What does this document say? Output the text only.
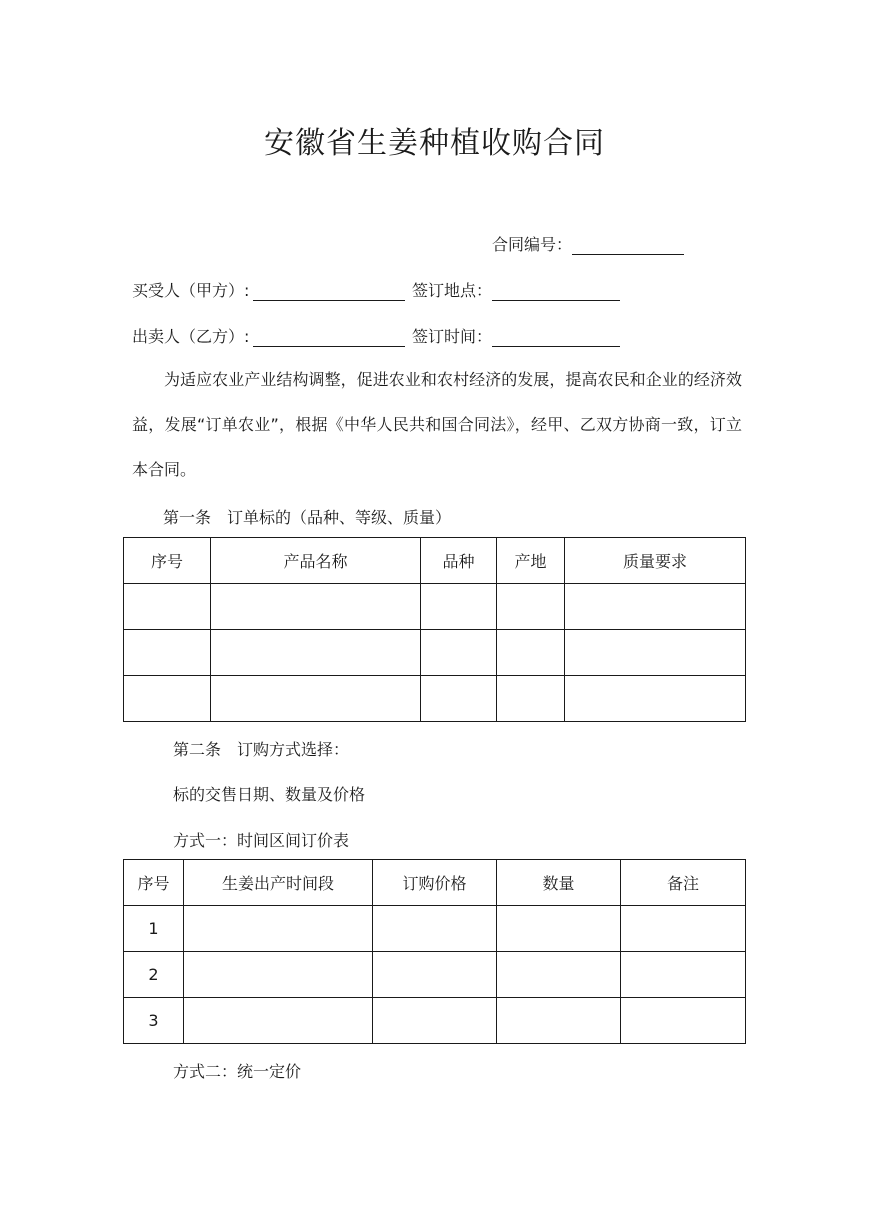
安徽省生姜种植收购合同
合同编号：
买受人（甲方）:	签订地点：
出卖人（乙方）:	签订时间：
为适应农业产业结构调整，促进农业和农村经济的发展，提高农民和企业的经济效益，发展“订单农业”，根据《中华人民共和国合同法》，经甲、乙双方协商一致，订立本合同。
第一条　订单标的（品种、等级、质量）
序号	产品名称	品种	产地	质量要求

第二条　订购方式选择：
标的交售日期、数量及价格
方式一：时间区间订价表
序号	生姜出产时间段	订购价格	数量	备注
1				
2				
3				
方式二：统一定价
